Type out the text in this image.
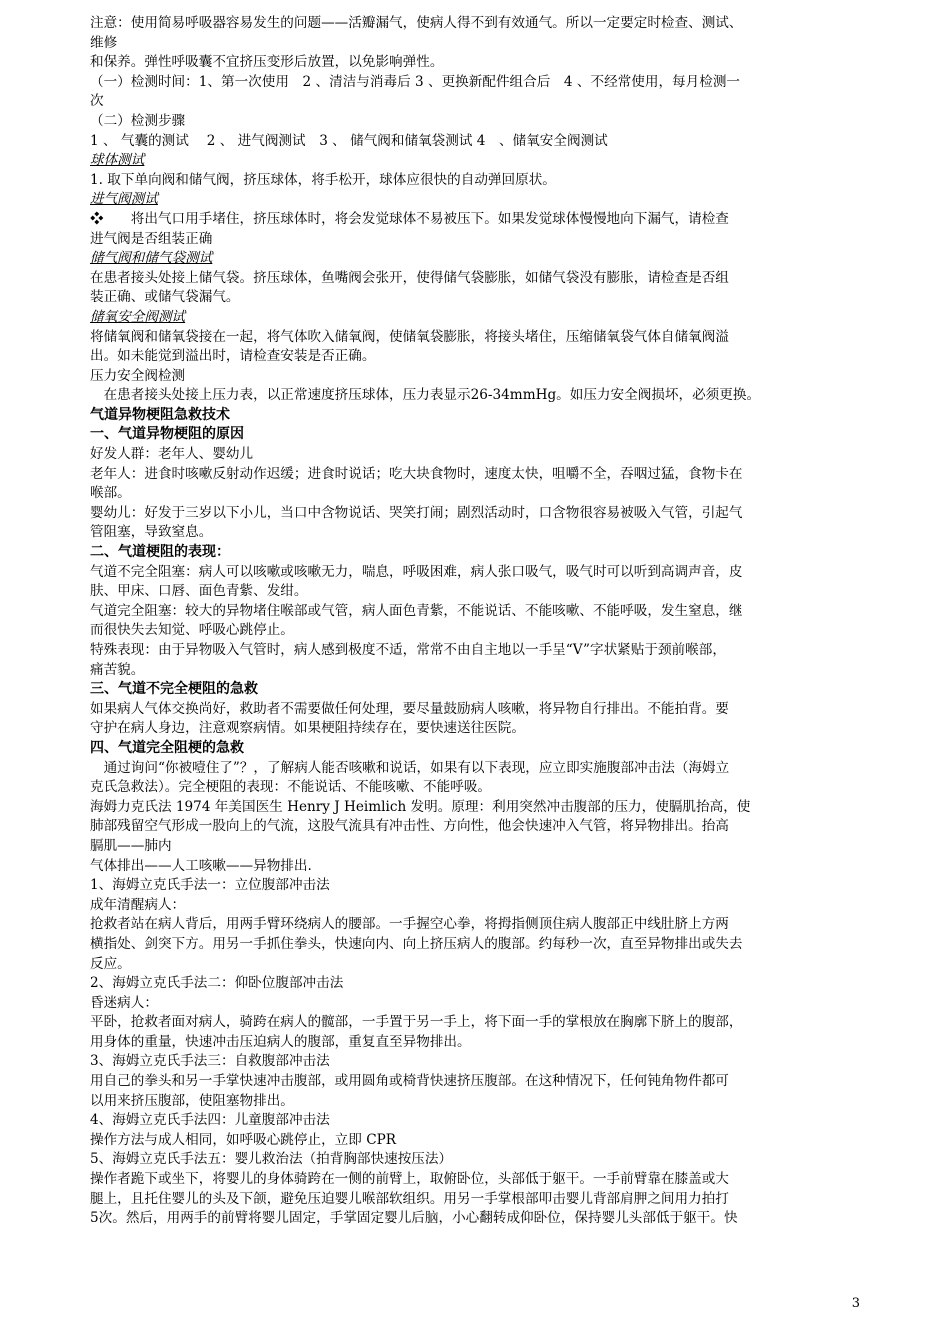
注意：使用简易呼吸器容易发生的问题——活瓣漏气，使病人得不到有效通气。所以一定要定时检查、测试、

维修

和保养。弹性呼吸囊不宜挤压变形后放置，以免影响弹性。

（一）检测时间：1、第一次使用　2 、清洁与消毒后 3 、更换新配件组合后　4 、不经常使用，每月检测一

次

（二）检测步骤

1 、 气囊的测试　 2 、 进气阀测试　3 、 储气阀和储氧袋测试 4　、储氧安全阀测试

球体测试

1. 取下单向阀和储气阀，挤压球体，将手松开，球体应很快的自动弹回原状。

进气阀测试

❖　　将出气口用手堵住，挤压球体时，将会发觉球体不易被压下。如果发觉球体慢慢地向下漏气，请检查

进气阀是否组装正确

储气阀和储气袋测试

在患者接头处接上储气袋。挤压球体，鱼嘴阀会张开，使得储气袋膨胀，如储气袋没有膨胀，请检查是否组

装正确、或储气袋漏气。

储氧安全阀测试

将储氧阀和储氧袋接在一起，将气体吹入储氧阀，使储氧袋膨胀，将接头堵住，压缩储氧袋气体自储氧阀溢

出。如未能觉到溢出时，请检查安装是否正确。

压力安全阀检测

　在患者接头处接上压力表，以正常速度挤压球体，压力表显示26-34mmHg。如压力安全阀损坏，必须更换。

气道异物梗阻急救技术

一、气道异物梗阻的原因

好发人群：老年人、婴幼儿

老年人：进食时咳嗽反射动作迟缓；进食时说话；吃大块食物时，速度太快，咀嚼不全，吞咽过猛，食物卡在

喉部。

婴幼儿：好发于三岁以下小儿，当口中含物说话、哭笑打闹；剧烈活动时，口含物很容易被吸入气管，引起气

管阻塞，导致窒息。

二、气道梗阻的表现：

气道不完全阻塞：病人可以咳嗽或咳嗽无力，喘息，呼吸困难，病人张口吸气，吸气时可以听到高调声音，皮

肤、甲床、口唇、面色青紫、发绀。

气道完全阻塞：较大的异物堵住喉部或气管，病人面色青紫，不能说话、不能咳嗽、不能呼吸，发生窒息，继

而很快失去知觉、呼吸心跳停止。

特殊表现：由于异物吸入气管时，病人感到极度不适，常常不由自主地以一手呈“V”字状紧贴于颈前喉部，

痛苦貌。

三、气道不完全梗阻的急救

如果病人气体交换尚好，救助者不需要做任何处理，要尽量鼓励病人咳嗽，将异物自行排出。不能拍背。要

守护在病人身边，注意观察病情。如果梗阻持续存在，要快速送往医院。

四、气道完全阻梗的急救

　通过询问“你被噎住了”？，了解病人能否咳嗽和说话，如果有以下表现，应立即实施腹部冲击法（海姆立

克氏急救法）。完全梗阻的表现：不能说话、不能咳嗽、不能呼吸。

海姆力克氏法 1974 年美国医生 Henry J Heimlich 发明。原理：利用突然冲击腹部的压力，使膈肌抬高，使

肺部残留空气形成一股向上的气流，这股气流具有冲击性、方向性，他会快速冲入气管，将异物排出。抬高

膈肌——肺内

气体排出——人工咳嗽——异物排出.

1、海姆立克氏手法一：立位腹部冲击法

成年清醒病人：

抢救者站在病人背后，用两手臂环绕病人的腰部。一手握空心拳，将拇指侧顶住病人腹部正中线肚脐上方两

横指处、剑突下方。用另一手抓住拳头，快速向内、向上挤压病人的腹部。约每秒一次，直至异物排出或失去

反应。

2、海姆立克氏手法二：仰卧位腹部冲击法

昏迷病人：

平卧，抢救者面对病人，骑跨在病人的髋部，一手置于另一手上，将下面一手的掌根放在胸廓下脐上的腹部，

用身体的重量，快速冲击压迫病人的腹部，重复直至异物排出。

3、海姆立克氏手法三：自救腹部冲击法

用自己的拳头和另一手掌快速冲击腹部，或用圆角或椅背快速挤压腹部。在这种情况下，任何钝角物件都可

以用来挤压腹部，使阻塞物排出。

4、海姆立克氏手法四：儿童腹部冲击法

操作方法与成人相同，如呼吸心跳停止，立即 CPR

5、海姆立克氏手法五：婴儿救治法（拍背胸部快速按压法）

操作者跪下或坐下，将婴儿的身体骑跨在一侧的前臂上，取俯卧位，头部低于躯干。一手前臂靠在膝盖或大

腿上，且托住婴儿的头及下颌，避免压迫婴儿喉部软组织。用另一手掌根部叩击婴儿背部肩胛之间用力拍打

5次。然后，用两手的前臂将婴儿固定，手掌固定婴儿后脑，小心翻转成仰卧位，保持婴儿头部低于躯干。快

3
